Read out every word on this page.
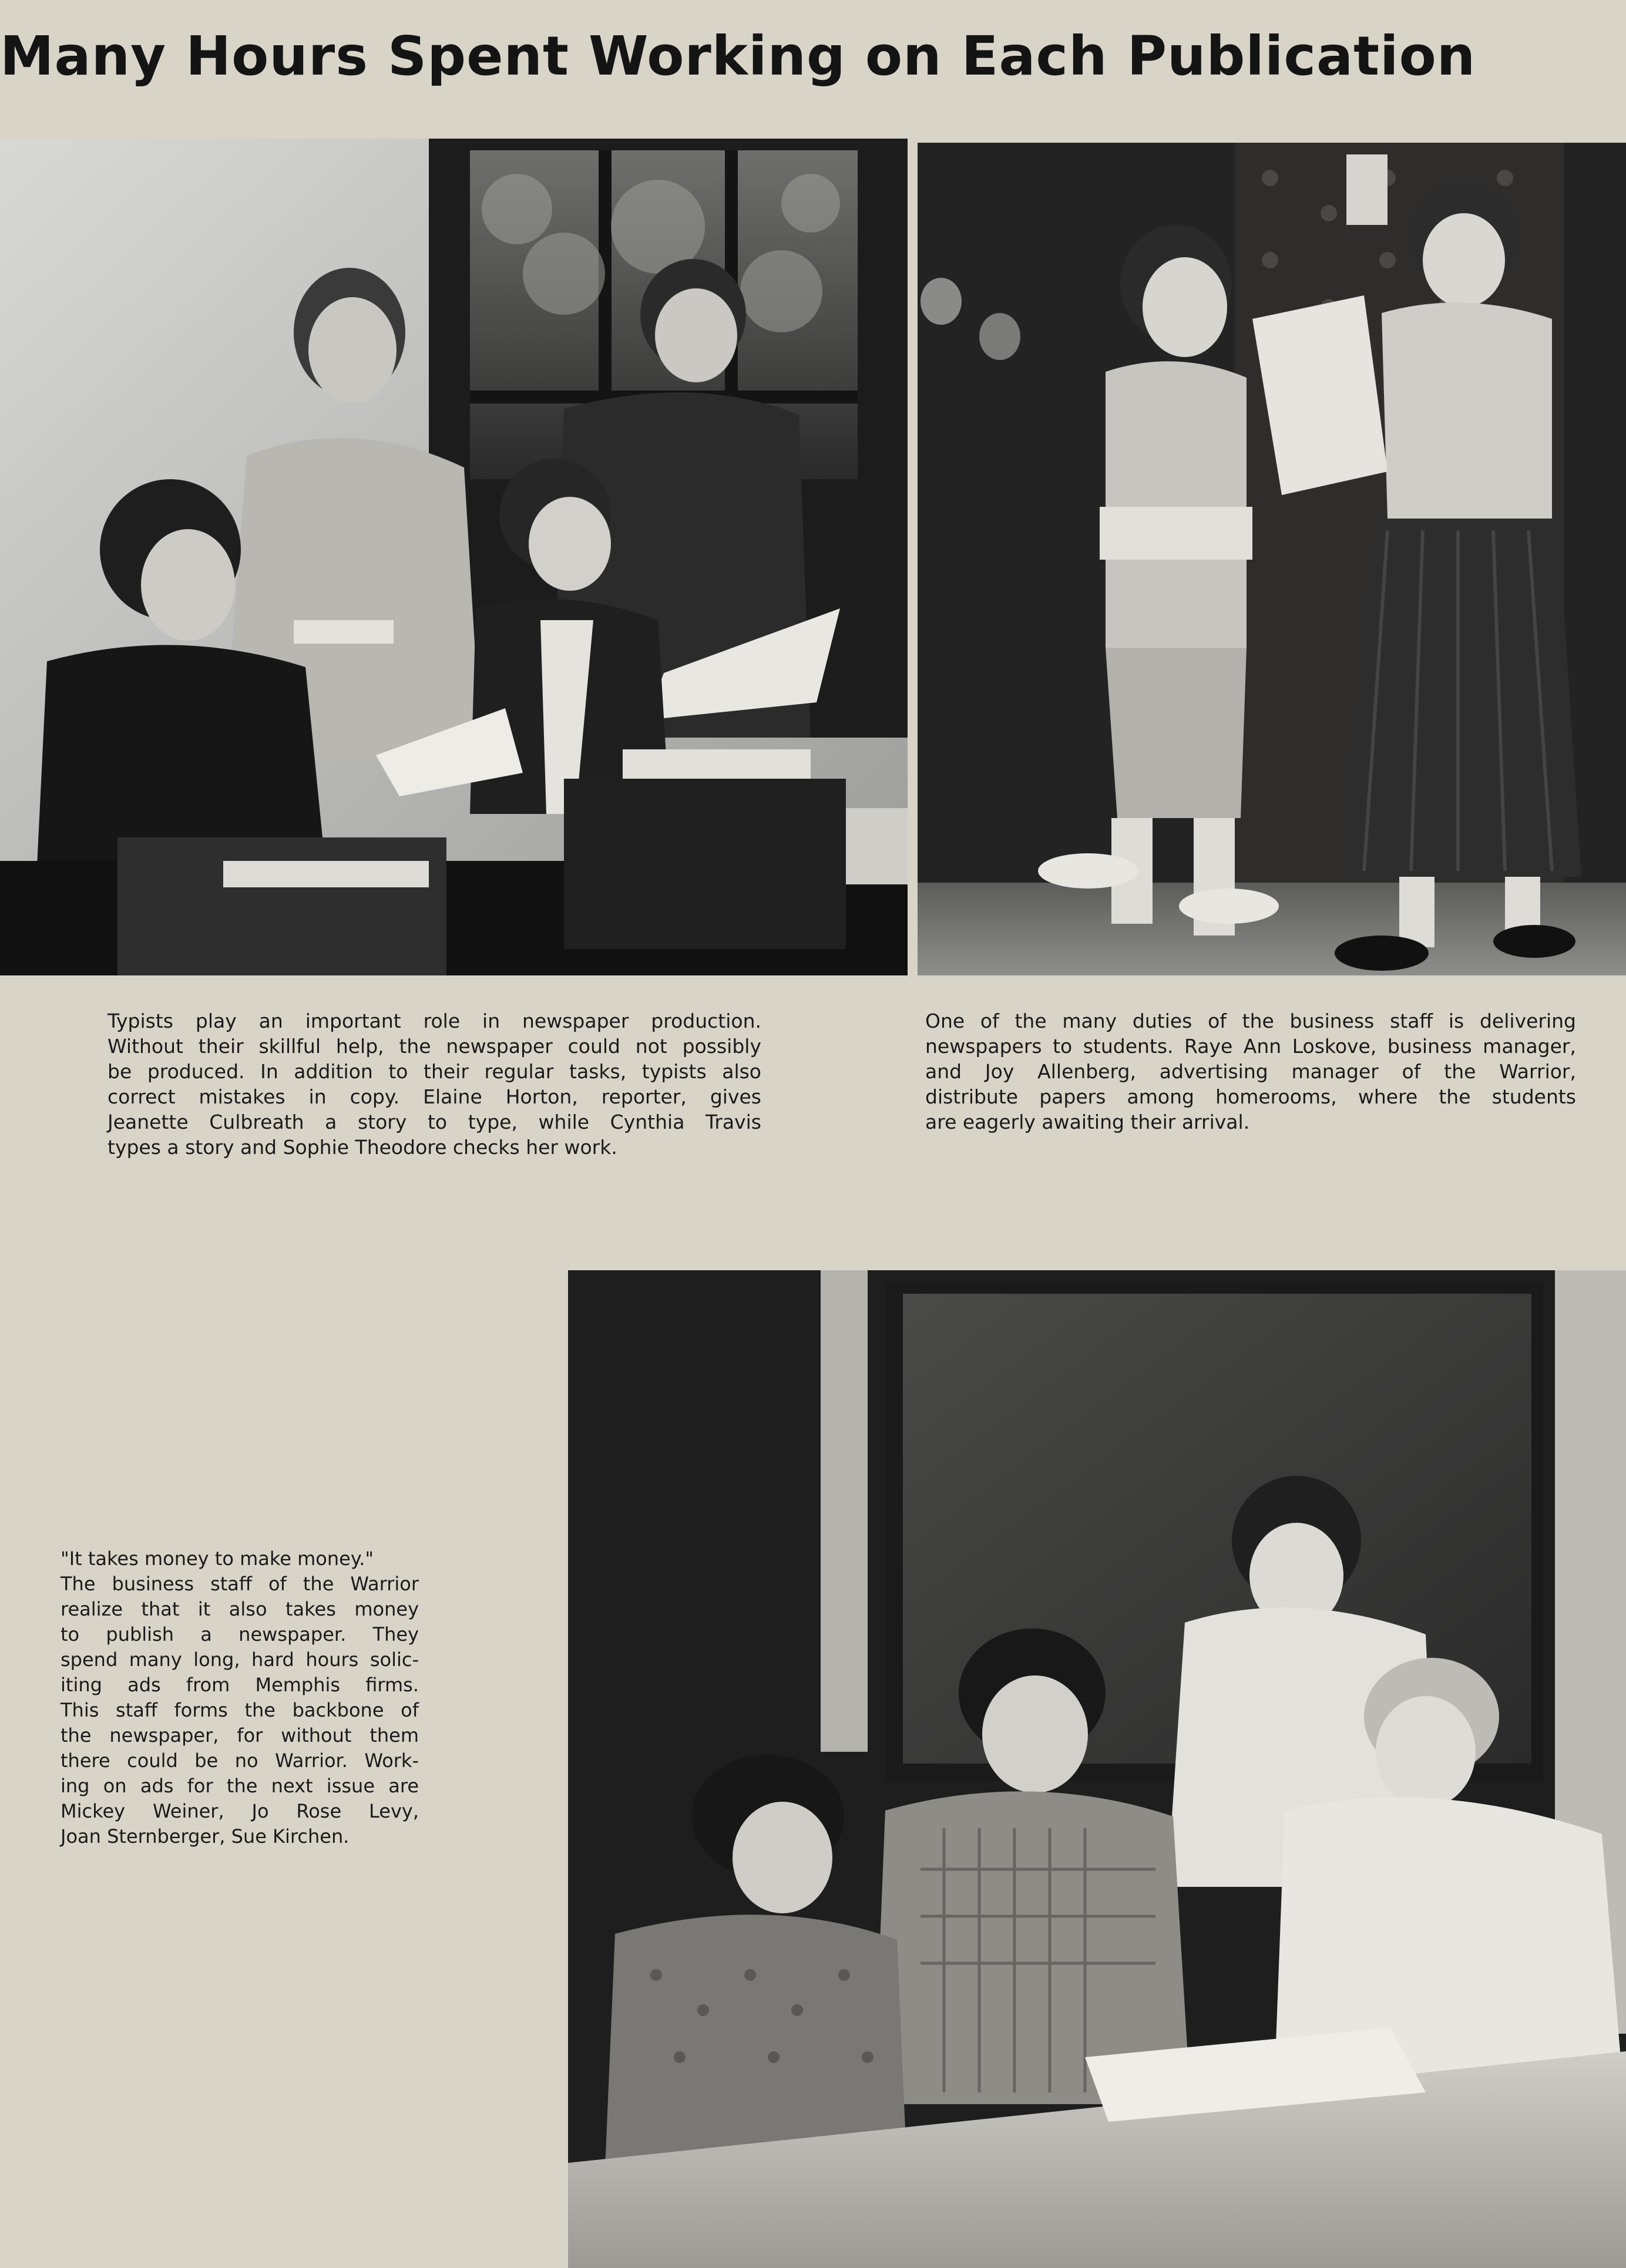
Many Hours Spent Working on Each Publication
Typists play an important role in newspaper production.
Without their skillful help, the newspaper could not possibly
be produced. In addition to their regular tasks, typists also
correct mistakes in copy. Elaine Horton, reporter, gives
Jeanette Culbreath a story to type, while Cynthia Travis
types a story and Sophie Theodore checks her work.
One of the many duties of the business staff is delivering
newspapers to students. Raye Ann Loskove, business manager,
and Joy Allenberg, advertising manager of the Warrior,
distribute papers among homerooms, where the students
are eagerly awaiting their arrival.
"It takes money to make money."
The business staff of the Warrior
realize that it also takes money
to publish a newspaper. They
spend many long, hard hours solic-
iting ads from Memphis firms.
This staff forms the backbone of
the newspaper, for without them
there could be no Warrior. Work-
ing on ads for the next issue are
Mickey Weiner, Jo Rose Levy,
Joan Sternberger, Sue Kirchen.
